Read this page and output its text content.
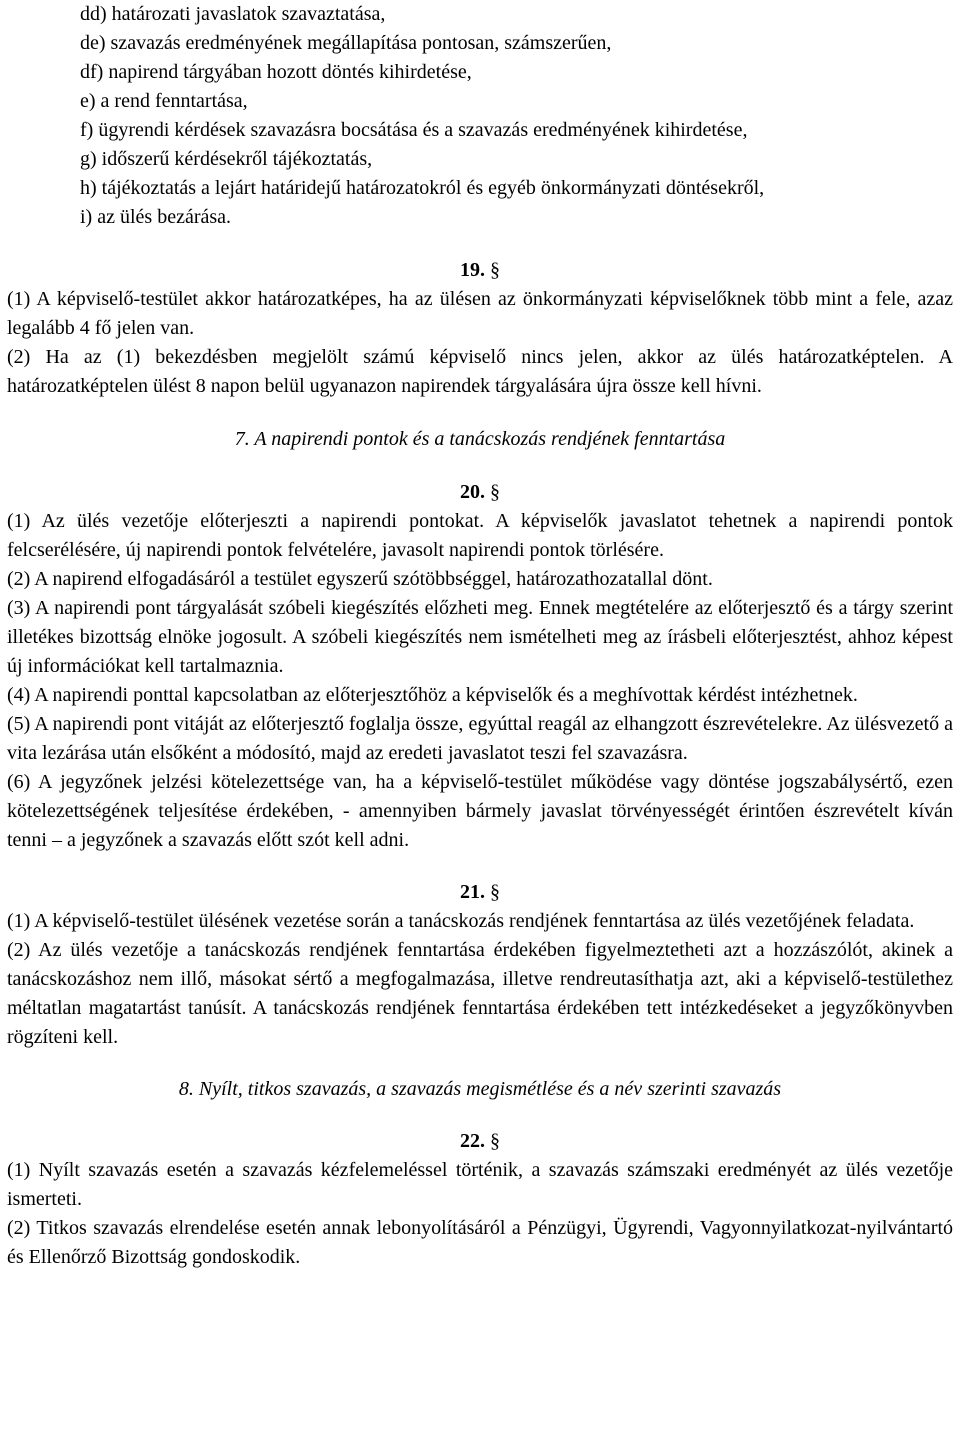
dd) határozati javaslatok szavaztatása,
de) szavazás eredményének megállapítása pontosan, számszerűen,
df) napirend tárgyában hozott döntés kihirdetése,
e) a rend fenntartása,
f) ügyrendi kérdések szavazásra bocsátása és a szavazás eredményének kihirdetése,
g) időszerű kérdésekről tájékoztatás,
h) tájékoztatás a lejárt határidejű határozatokról és egyéb önkormányzati döntésekről,
i) az ülés bezárása.
19. §

(1) A képviselő-testület akkor határozatképes, ha az ülésen az önkormányzati képviselőknek több mint a fele, azaz legalább 4 fő jelen van.

(2) Ha az (1) bekezdésben megjelölt számú képviselő nincs jelen, akkor az ülés határozatképtelen. A határozatképtelen ülést 8 napon belül ugyanazon napirendek tárgyalására újra össze kell hívni.

7. A napirendi pontok és a tanácskozás rendjének fenntartása

20. §

(1) Az ülés vezetője előterjeszti a napirendi pontokat. A képviselők javaslatot tehetnek a napirendi pontok felcserélésére, új napirendi pontok felvételére, javasolt napirendi pontok törlésére.

(2) A napirend elfogadásáról a testület egyszerű szótöbbséggel, határozathozatallal dönt.

(3) A napirendi pont tárgyalását szóbeli kiegészítés előzheti meg. Ennek megtételére az előterjesztő és a tárgy szerint illetékes bizottság elnöke jogosult. A szóbeli kiegészítés nem ismételheti meg az írásbeli előterjesztést, ahhoz képest új információkat kell tartalmaznia.

(4) A napirendi ponttal kapcsolatban az előterjesztőhöz a képviselők és a meghívottak kérdést intézhetnek.

(5) A napirendi pont vitáját az előterjesztő foglalja össze, egyúttal reagál az elhangzott észrevételekre. Az ülésvezető a vita lezárása után elsőként a módosító, majd az eredeti javaslatot teszi fel szavazásra.

(6) A jegyzőnek jelzési kötelezettsége van, ha a képviselő-testület működése vagy döntése jogszabálysértő, ezen kötelezettségének teljesítése érdekében, - amennyiben bármely javaslat törvényességét érintően észrevételt kíván tenni – a jegyzőnek a szavazás előtt szót kell adni.

21. §

(1) A képviselő-testület ülésének vezetése során a tanácskozás rendjének fenntartása az ülés vezetőjének feladata.

(2) Az ülés vezetője a tanácskozás rendjének fenntartása érdekében figyelmeztetheti azt a hozzászólót, akinek a tanácskozáshoz nem illő, másokat sértő a megfogalmazása, illetve rendreutasíthatja azt, aki a képviselő-testülethez méltatlan magatartást tanúsít. A tanácskozás rendjének fenntartása érdekében tett intézkedéseket a jegyzőkönyvben rögzíteni kell.

8. Nyílt, titkos szavazás, a szavazás megismétlése és a név szerinti szavazás

22. §

(1) Nyílt szavazás esetén a szavazás kézfelemeléssel történik, a szavazás számszaki eredményét az ülés vezetője ismerteti.

(2) Titkos szavazás elrendelése esetén annak lebonyolításáról a Pénzügyi, Ügyrendi, Vagyonnyilatkozat-nyilvántartó és Ellenőrző Bizottság gondoskodik.
